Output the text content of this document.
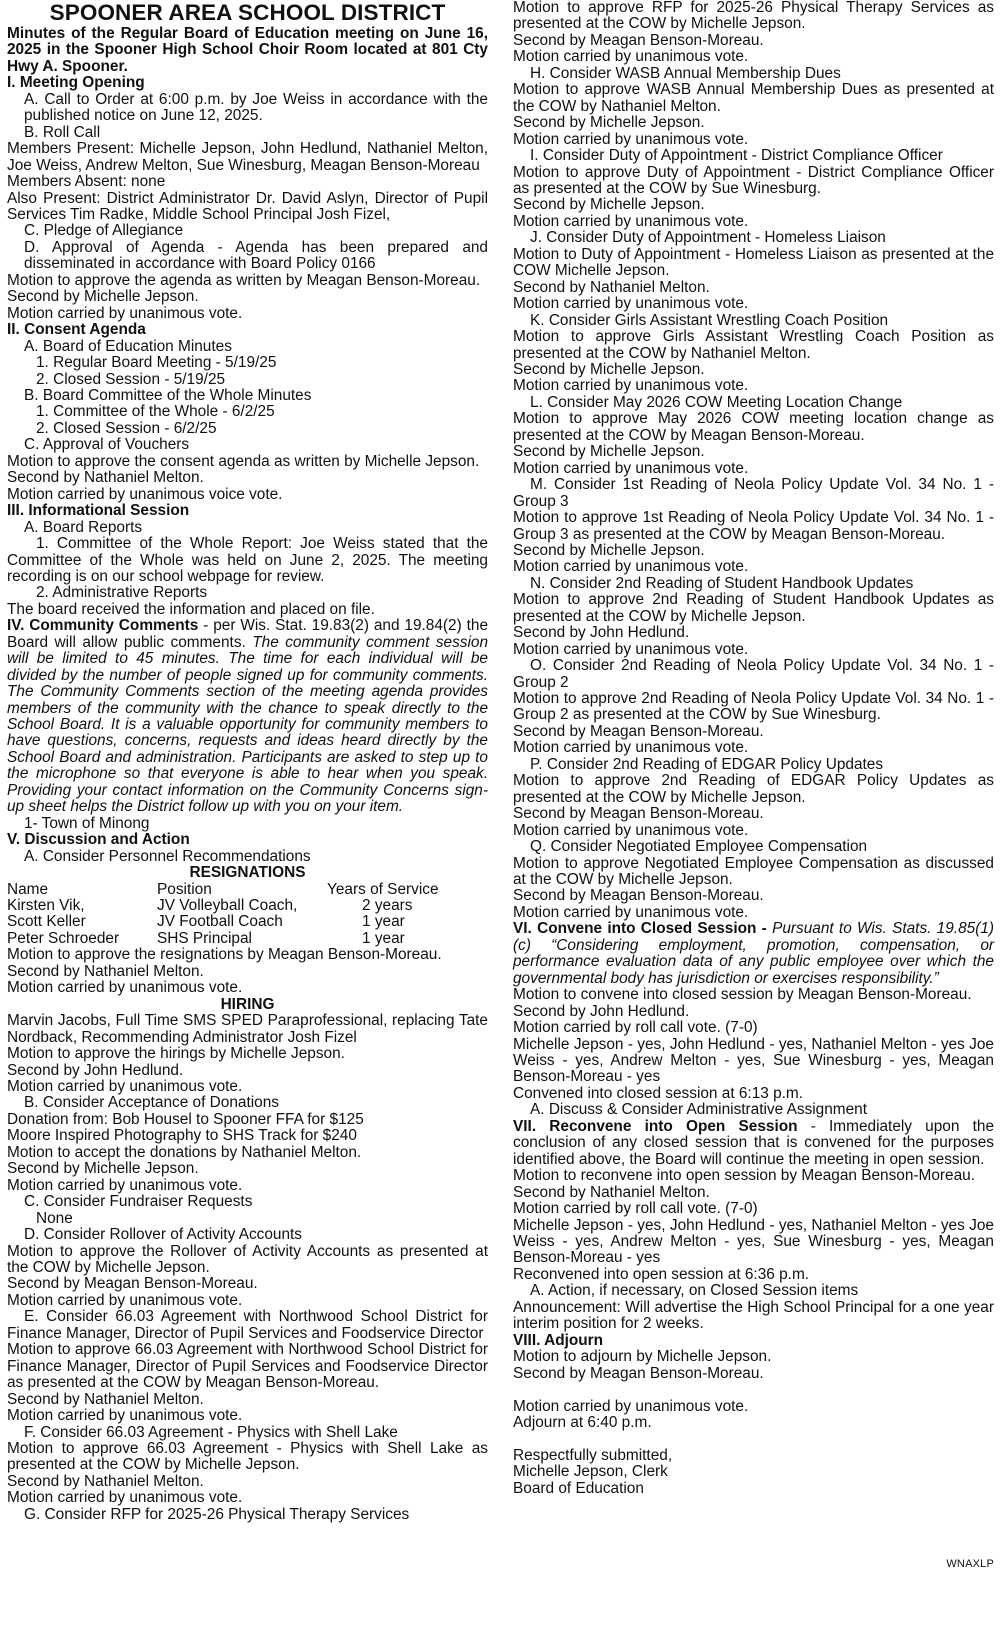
SPOONER AREA SCHOOL DISTRICT

Minutes of the Regular Board of Education meeting on June 16, 2025 in the Spooner High School Choir Room located at 801 Cty Hwy A. Spooner.

I. Meeting Opening

A. Call to Order at 6:00 p.m. by Joe Weiss in accordance with the published notice on June 12, 2025.

B. Roll Call

Members Present: Michelle Jepson, John Hedlund, Nathaniel Melton, Joe Weiss, Andrew Melton, Sue Winesburg, Meagan Benson-Moreau

Members Absent: none

Also Present: District Administrator Dr. David Aslyn, Director of Pupil Services Tim Radke, Middle School Principal Josh Fizel,

C. Pledge of Allegiance

D. Approval of Agenda - Agenda has been prepared and disseminated in accordance with Board Policy 0166

Motion to approve the agenda as written by Meagan Benson-Moreau.

Second by Michelle Jepson.
Motion carried by unanimous vote.
II. Consent Agenda
A. Board of Education Minutes
1. Regular Board Meeting - 5/19/25
2. Closed Session - 5/19/25
B. Board Committee of the Whole Minutes
1. Committee of the Whole - 6/2/25
2. Closed Session - 6/2/25
C. Approval of Vouchers

Motion to approve the consent agenda as written by Michelle Jepson.

Second by Nathaniel Melton.
Motion carried by unanimous voice vote.
III. Informational Session
A. Board Reports

1. Committee of the Whole Report: Joe Weiss stated that the Committee of the Whole was held on June 2, 2025. The meeting recording is on our school webpage for review.

2. Administrative Reports
The board received the information and placed on file.

IV. Community Comments - per Wis. Stat. 19.83(2) and 19.84(2) the Board will allow public comments. The community comment session will be limited to 45 minutes. The time for each individual will be divided by the number of people signed up for community comments. The Community Comments section of the meeting agenda provides members of the community with the chance to speak directly to the School Board. It is a valuable opportunity for community members to have questions, concerns, requests and ideas heard directly by the School Board and administration. Participants are asked to step up to the microphone so that everyone is able to hear when you speak. Providing your contact information on the Community Concerns sign-up sheet helps the District follow up with you on your item.

1- Town of Minong
V. Discussion and Action
A. Consider Personnel Recommendations
RESIGNATIONS
Name	Position	Years of Service
Kirsten Vik,	JV Volleyball Coach,	2 years
Scott Keller	JV Football Coach	1 year
Peter Schroeder	SHS Principal	1 year
Motion to approve the resignations by Meagan Benson-Moreau.
Second by Nathaniel Melton.
Motion carried by unanimous vote.
HIRING

Marvin Jacobs, Full Time SMS SPED Paraprofessional, replacing Tate Nordback, Recommending Administrator Josh Fizel

Motion to approve the hirings by Michelle Jepson.
Second by John Hedlund.
Motion carried by unanimous vote.
B. Consider Acceptance of Donations
Donation from: Bob Housel to Spooner FFA for $125
Moore Inspired Photography to SHS Track for $240
Motion to accept the donations by Nathaniel Melton.
Second by Michelle Jepson.
Motion carried by unanimous vote.
C. Consider Fundraiser Requests
None
D. Consider Rollover of Activity Accounts

Motion to approve the Rollover of Activity Accounts as presented at the COW by Michelle Jepson.

Second by Meagan Benson-Moreau.
Motion carried by unanimous vote.

E. Consider 66.03 Agreement with Northwood School District for Finance Manager, Director of Pupil Services and Foodservice Director

Motion to approve 66.03 Agreement with Northwood School District for Finance Manager, Director of Pupil Services and Foodservice Director as presented at the COW by Meagan Benson-Moreau.

Second by Nathaniel Melton.
Motion carried by unanimous vote.
F. Consider 66.03 Agreement - Physics with Shell Lake

Motion to approve 66.03 Agreement - Physics with Shell Lake as presented at the COW by Michelle Jepson.

Second by Nathaniel Melton.
Motion carried by unanimous vote.
G. Consider RFP for 2025-26 Physical Therapy Services

Motion to approve RFP for 2025-26 Physical Therapy Services as presented at the COW by Michelle Jepson.

Second by Meagan Benson-Moreau.
Motion carried by unanimous vote.
H. Consider WASB Annual Membership Dues

Motion to approve WASB Annual Membership Dues as presented at the COW by Nathaniel Melton.

Second by Michelle Jepson.
Motion carried by unanimous vote.
I. Consider Duty of Appointment - District Compliance Officer

Motion to approve Duty of Appointment - District Compliance Officer as presented at the COW by Sue Winesburg.

Second by Michelle Jepson.
Motion carried by unanimous vote.
J. Consider Duty of Appointment - Homeless Liaison

Motion to Duty of Appointment - Homeless Liaison as presented at the COW Michelle Jepson.

Second by Nathaniel Melton.
Motion carried by unanimous vote.
K. Consider Girls Assistant Wrestling Coach Position

Motion to approve Girls Assistant Wrestling Coach Position as presented at the COW by Nathaniel Melton.

Second by Michelle Jepson.
Motion carried by unanimous vote.
L. Consider May 2026 COW Meeting Location Change

Motion to approve May 2026 COW meeting location change as presented at the COW by Meagan Benson-Moreau.

Second by Michelle Jepson.
Motion carried by unanimous vote.

M. Consider 1st Reading of Neola Policy Update Vol. 34 No. 1 - Group 3

Motion to approve 1st Reading of Neola Policy Update Vol. 34 No. 1 - Group 3 as presented at the COW by Meagan Benson-Moreau.

Second by Michelle Jepson.
Motion carried by unanimous vote.
N. Consider 2nd Reading of Student Handbook Updates

Motion to approve 2nd Reading of Student Handbook Updates as presented at the COW by Michelle Jepson.

Second by John Hedlund.
Motion carried by unanimous vote.

O. Consider 2nd Reading of Neola Policy Update Vol. 34 No. 1 - Group 2

Motion to approve 2nd Reading of Neola Policy Update Vol. 34 No. 1 - Group 2 as presented at the COW by Sue Winesburg.

Second by Meagan Benson-Moreau.
Motion carried by unanimous vote.
P. Consider 2nd Reading of EDGAR Policy Updates

Motion to approve 2nd Reading of EDGAR Policy Updates as presented at the COW by Michelle Jepson.

Second by Meagan Benson-Moreau.
Motion carried by unanimous vote.
Q. Consider Negotiated Employee Compensation

Motion to approve Negotiated Employee Compensation as discussed at the COW by Michelle Jepson.

Second by Meagan Benson-Moreau.
Motion carried by unanimous vote.

VI. Convene into Closed Session - Pursuant to Wis. Stats. 19.85(1)(c) “Considering employment, promotion, compensation, or performance evaluation data of any public employee over which the governmental body has jurisdiction or exercises responsibility.”

Motion to convene into closed session by Meagan Benson-Moreau.

Second by John Hedlund.
Motion carried by roll call vote. (7-0)

Michelle Jepson - yes, John Hedlund - yes, Nathaniel Melton - yes Joe Weiss - yes, Andrew Melton - yes, Sue Winesburg - yes, Meagan Benson-Moreau - yes

Convened into closed session at 6:13 p.m.
A. Discuss & Consider Administrative Assignment

VII. Reconvene into Open Session - Immediately upon the conclusion of any closed session that is convened for the purposes identified above, the Board will continue the meeting in open session.

Motion to reconvene into open session by Meagan Benson-Moreau.

Second by Nathaniel Melton.
Motion carried by roll call vote. (7-0)

Michelle Jepson - yes, John Hedlund - yes, Nathaniel Melton - yes Joe Weiss - yes, Andrew Melton - yes, Sue Winesburg - yes, Meagan Benson-Moreau - yes

Reconvened into open session at 6:36 p.m.
A. Action, if necessary, on Closed Session items

Announcement: Will advertise the High School Principal for a one year interim position for 2 weeks.

VIII. Adjourn
Motion to adjourn by Michelle Jepson.
Second by Meagan Benson-Moreau.
Motion carried by unanimous vote.
Adjourn at 6:40 p.m.
Respectfully submitted,
Michelle Jepson, Clerk
Board of Education
WNAXLP
